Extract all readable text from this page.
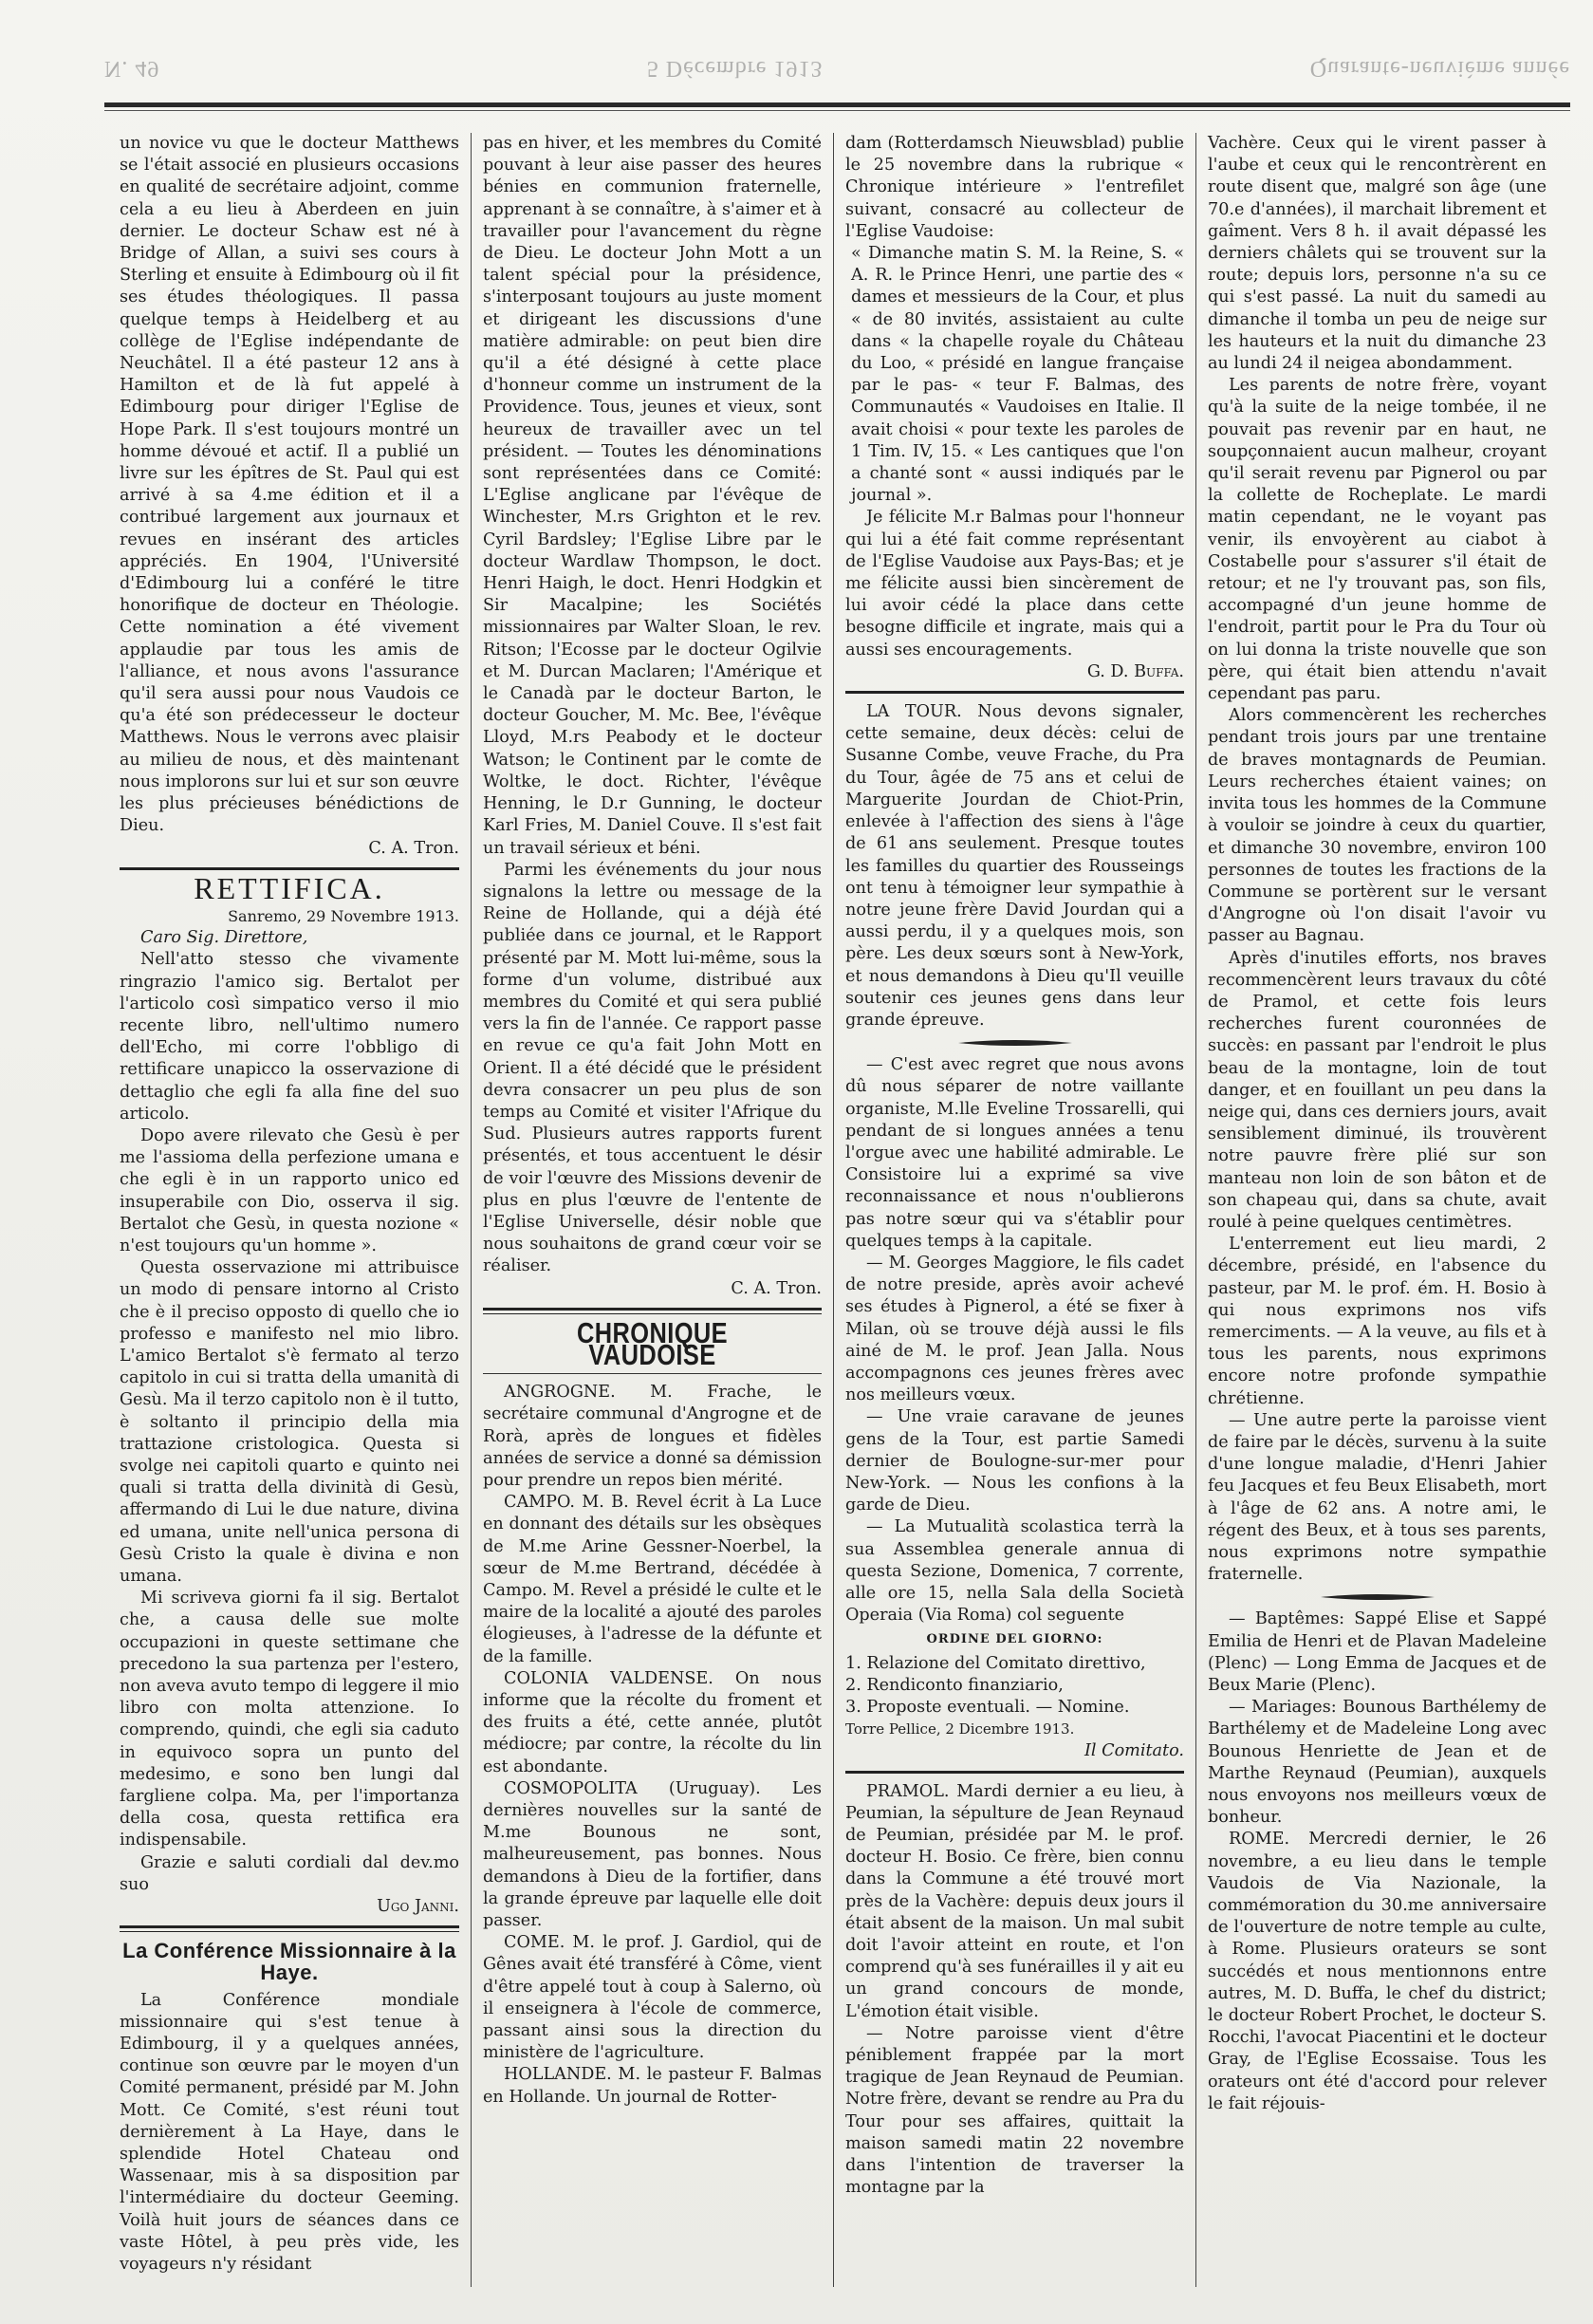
N. 49	5 Décembre 1913	Quarante-neuvième année

un novice vu que le docteur Matthews se l'était associé en plusieurs occasions en qualité de secrétaire adjoint, comme cela a eu lieu à Aberdeen en juin dernier. Le docteur Schaw est né à Bridge of Allan, a suivi ses cours à Sterling et ensuite à Edimbourg où il fit ses études théologiques. Il passa quelque temps à Heidelberg et au collège de l'Eglise indépendante de Neuchâtel. Il a été pasteur 12 ans à Hamilton et de là fut appelé à Edimbourg pour diriger l'Eglise de Hope Park. Il s'est toujours montré un homme dévoué et actif. Il a publié un livre sur les épîtres de St. Paul qui est arrivé à sa 4.me édition et il a contribué largement aux journaux et revues en insérant des articles appréciés. En 1904, l'Université d'Edimbourg lui a conféré le titre honorifique de docteur en Théologie. Cette nomination a été vivement applaudie par tous les amis de l'alliance, et nous avons l'assurance qu'il sera aussi pour nous Vaudois ce qu'a été son prédecesseur le docteur Matthews. Nous le verrons avec plaisir au milieu de nous, et dès maintenant nous implorons sur lui et sur son œuvre les plus précieuses bénédictions de Dieu.

C. A. Tron.
RETTIFICA.
Sanremo, 29 Novembre 1913.

Caro Sig. Direttore,

Nell'atto stesso che vivamente ringrazio l'amico sig. Bertalot per l'articolo così simpatico verso il mio recente libro, nell'ultimo numero dell'Echo, mi corre l'obbligo di rettificare unapicco la osservazione di dettaglio che egli fa alla fine del suo articolo.

Dopo avere rilevato che Gesù è per me l'assioma della perfezione umana e che egli è in un rapporto unico ed insuperabile con Dio, osserva il sig. Bertalot che Gesù, in questa nozione « n'est toujours qu'un homme ».

Questa osservazione mi attribuisce un modo di pensare intorno al Cristo che è il preciso opposto di quello che io professo e manifesto nel mio libro. L'amico Bertalot s'è fermato al terzo capitolo in cui si tratta della umanità di Gesù. Ma il terzo capitolo non è il tutto, è soltanto il principio della mia trattazione cristologica. Questa si svolge nei capitoli quarto e quinto nei quali si tratta della divinità di Gesù, affermando di Lui le due nature, divina ed umana, unite nell'unica persona di Gesù Cristo la quale è divina e non umana.

Mi scriveva giorni fa il sig. Bertalot che, a causa delle sue molte occupazioni in queste settimane che precedono la sua partenza per l'estero, non aveva avuto tempo di leggere il mio libro con molta attenzione. Io comprendo, quindi, che egli sia caduto in equivoco sopra un punto del medesimo, e sono ben lungi dal fargliene colpa. Ma, per l'importanza della cosa, questa rettifica era indispensabile.

Grazie e saluti cordiali dal dev.mo suo

Ugo Janni.
La Conférence Missionnaire à la Haye.

La Conférence mondiale missionnaire qui s'est tenue à Edimbourg, il y a quelques années, continue son œuvre par le moyen d'un Comité permanent, présidé par M. John Mott. Ce Comité, s'est réuni tout dernièrement à La Haye, dans le splendide Hotel Chateau ond Wassenaar, mis à sa disposition par l'intermédiaire du docteur Geeming. Voilà huit jours de séances dans ce vaste Hôtel, à peu près vide, les voyageurs n'y résidant

pas en hiver, et les membres du Comité pouvant à leur aise passer des heures bénies en communion fraternelle, apprenant à se connaître, à s'aimer et à travailler pour l'avancement du règne de Dieu. Le docteur John Mott a un talent spécial pour la présidence, s'interposant toujours au juste moment et dirigeant les discussions d'une matière admirable: on peut bien dire qu'il a été désigné à cette place d'honneur comme un instrument de la Providence. Tous, jeunes et vieux, sont heureux de travailler avec un tel président. — Toutes les dénominations sont représentées dans ce Comité: L'Eglise anglicane par l'évêque de Winchester, M.rs Grighton et le rev. Cyril Bardsley; l'Eglise Libre par le docteur Wardlaw Thompson, le doct. Henri Haigh, le doct. Henri Hodgkin et Sir Macalpine; les Sociétés missionnaires par Walter Sloan, le rev. Ritson; l'Ecosse par le docteur Ogilvie et M. Durcan Maclaren; l'Amérique et le Canadà par le docteur Barton, le docteur Goucher, M. Mc. Bee, l'évêque Lloyd, M.rs Peabody et le docteur Watson; le Continent par le comte de Woltke, le doct. Richter, l'évêque Henning, le D.r Gunning, le docteur Karl Fries, M. Daniel Couve. Il s'est fait un travail sérieux et béni.

Parmi les événements du jour nous signalons la lettre ou message de la Reine de Hollande, qui a déjà été publiée dans ce journal, et le Rapport présenté par M. Mott lui-même, sous la forme d'un volume, distribué aux membres du Comité et qui sera publié vers la fin de l'année. Ce rapport passe en revue ce qu'a fait John Mott en Orient. Il a été décidé que le président devra consacrer un peu plus de son temps au Comité et visiter l'Afrique du Sud. Plusieurs autres rapports furent présentés, et tous accentuent le désir de voir l'œuvre des Missions devenir de plus en plus l'œuvre de l'entente de l'Eglise Universelle, désir noble que nous souhaitons de grand cœur voir se réaliser.

C. A. Tron.
CHRONIQUE VAUDOISE

ANGROGNE. M. Frache, le secrétaire communal d'Angrogne et de Rorà, après de longues et fidèles années de service a donné sa démission pour prendre un repos bien mérité.

CAMPO. M. B. Revel écrit à La Luce en donnant des détails sur les obsèques de M.me Arine Gessner-Noerbel, la sœur de M.me Bertrand, décédée à Campo. M. Revel a présidé le culte et le maire de la localité a ajouté des paroles élogieuses, à l'adresse de la défunte et de la famille.

COLONIA VALDENSE. On nous informe que la récolte du froment et des fruits a été, cette année, plutôt médiocre; par contre, la récolte du lin est abondante.

COSMOPOLITA (Uruguay). Les dernières nouvelles sur la santé de M.me Bounous ne sont, malheureusement, pas bonnes. Nous demandons à Dieu de la fortifier, dans la grande épreuve par laquelle elle doit passer.

COME. M. le prof. J. Gardiol, qui de Gênes avait été transféré à Côme, vient d'être appelé tout à coup à Salerno, où il enseignera à l'école de commerce, passant ainsi sous la direction du ministère de l'agriculture.

HOLLANDE. M. le pasteur F. Balmas en Hollande. Un journal de Rotter-

dam (Rotterdamsch Nieuwsblad) publie le 25 novembre dans la rubrique « Chronique intérieure » l'entrefilet suivant, consacré au collecteur de l'Eglise Vaudoise:

« Dimanche matin S. M. la Reine, S. « A. R. le Prince Henri, une partie des « dames et messieurs de la Cour, et plus « de 80 invités, assistaient au culte dans « la chapelle royale du Château du Loo, « présidé en langue française par le pas- « teur F. Balmas, des Communautés « Vaudoises en Italie. Il avait choisi « pour texte les paroles de 1 Tim. IV, 15. « Les cantiques que l'on a chanté sont « aussi indiqués par le journal ».

Je félicite M.r Balmas pour l'honneur qui lui a été fait comme représentant de l'Eglise Vaudoise aux Pays-Bas; et je me félicite aussi bien sincèrement de lui avoir cédé la place dans cette besogne difficile et ingrate, mais qui a aussi ses encouragements.

G. D. Buffa.

LA TOUR. Nous devons signaler, cette semaine, deux décès: celui de Susanne Combe, veuve Frache, du Pra du Tour, âgée de 75 ans et celui de Marguerite Jourdan de Chiot-Prin, enlevée à l'affection des siens à l'âge de 61 ans seulement. Presque toutes les familles du quartier des Rousseings ont tenu à témoigner leur sympathie à notre jeune frère David Jourdan qui a aussi perdu, il y a quelques mois, son père. Les deux sœurs sont à New-York, et nous demandons à Dieu qu'Il veuille soutenir ces jeunes gens dans leur grande épreuve.

— C'est avec regret que nous avons dû nous séparer de notre vaillante organiste, M.lle Eveline Trossarelli, qui pendant de si longues années a tenu l'orgue avec une habilité admirable. Le Consistoire lui a exprimé sa vive reconnaissance et nous n'oublierons pas notre sœur qui va s'établir pour quelques temps à la capitale.

— M. Georges Maggiore, le fils cadet de notre preside, après avoir achevé ses études à Pignerol, a été se fixer à Milan, où se trouve déjà aussi le fils ainé de M. le prof. Jean Jalla. Nous accompagnons ces jeunes frères avec nos meilleurs vœux.

— Une vraie caravane de jeunes gens de la Tour, est partie Samedi dernier de Boulogne-sur-mer pour New-York. — Nous les confions à la garde de Dieu.

— La Mutualità scolastica terrà la sua Assemblea generale annua di questa Sezione, Domenica, 7 corrente, alle ore 15, nella Sala della Società Operaia (Via Roma) col seguente

ORDINE DEL GIORNO:

1. Relazione del Comitato direttivo,

2. Rendiconto finanziario,

3. Proposte eventuali. — Nomine.

Torre Pellice, 2 Dicembre 1913.

Il Comitato.

PRAMOL. Mardi dernier a eu lieu, à Peumian, la sépulture de Jean Reynaud de Peumian, présidée par M. le prof. docteur H. Bosio. Ce frère, bien connu dans la Commune a été trouvé mort près de la Vachère: depuis deux jours il était absent de la maison. Un mal subit doit l'avoir atteint en route, et l'on comprend qu'à ses funérailles il y ait eu un grand concours de monde, L'émotion était visible.

— Notre paroisse vient d'être péniblement frappée par la mort tragique de Jean Reynaud de Peumian. Notre frère, devant se rendre au Pra du Tour pour ses affaires, quittait la maison samedi matin 22 novembre dans l'intention de traverser la montagne par la

Vachère. Ceux qui le virent passer à l'aube et ceux qui le rencontrèrent en route disent que, malgré son âge (une 70.e d'années), il marchait librement et gaîment. Vers 8 h. il avait dépassé les derniers châlets qui se trouvent sur la route; depuis lors, personne n'a su ce qui s'est passé. La nuit du samedi au dimanche il tomba un peu de neige sur les hauteurs et la nuit du dimanche 23 au lundi 24 il neigea abondamment.

Les parents de notre frère, voyant qu'à la suite de la neige tombée, il ne pouvait pas revenir par en haut, ne soupçonnaient aucun malheur, croyant qu'il serait revenu par Pignerol ou par la collette de Rocheplate. Le mardi matin cependant, ne le voyant pas venir, ils envoyèrent au ciabot à Costabelle pour s'assurer s'il était de retour; et ne l'y trouvant pas, son fils, accompagné d'un jeune homme de l'endroit, partit pour le Pra du Tour où on lui donna la triste nouvelle que son père, qui était bien attendu n'avait cependant pas paru.

Alors commencèrent les recherches pendant trois jours par une trentaine de braves montagnards de Peumian. Leurs recherches étaient vaines; on invita tous les hommes de la Commune à vouloir se joindre à ceux du quartier, et dimanche 30 novembre, environ 100 personnes de toutes les fractions de la Commune se portèrent sur le versant d'Angrogne où l'on disait l'avoir vu passer au Bagnau.

Après d'inutiles efforts, nos braves recommencèrent leurs travaux du côté de Pramol, et cette fois leurs recherches furent couronnées de succès: en passant par l'endroit le plus beau de la montagne, loin de tout danger, et en fouillant un peu dans la neige qui, dans ces derniers jours, avait sensiblement diminué, ils trouvèrent notre pauvre frère plié sur son manteau non loin de son bâton et de son chapeau qui, dans sa chute, avait roulé à peine quelques centimètres.

L'enterrement eut lieu mardi, 2 décembre, présidé, en l'absence du pasteur, par M. le prof. ém. H. Bosio à qui nous exprimons nos vifs remerciments. — A la veuve, au fils et à tous les parents, nous exprimons encore notre profonde sympathie chrétienne.

— Une autre perte la paroisse vient de faire par le décès, survenu à la suite d'une longue maladie, d'Henri Jahier feu Jacques et feu Beux Elisabeth, mort à l'âge de 62 ans. A notre ami, le régent des Beux, et à tous ses parents, nous exprimons notre sympathie fraternelle.

— Baptêmes: Sappé Elise et Sappé Emilia de Henri et de Plavan Madeleine (Plenc) — Long Emma de Jacques et de Beux Marie (Plenc).

— Mariages: Bounous Barthélemy de Barthélemy et de Madeleine Long avec Bounous Henriette de Jean et de Marthe Reynaud (Peumian), auxquels nous envoyons nos meilleurs vœux de bonheur.

ROME. Mercredi dernier, le 26 novembre, a eu lieu dans le temple Vaudois de Via Nazionale, la commémoration du 30.me anniversaire de l'ouverture de notre temple au culte, à Rome. Plusieurs orateurs se sont succédés et nous mentionnons entre autres, M. D. Buffa, le chef du district; le docteur Robert Prochet, le docteur S. Rocchi, l'avocat Piacentini et le docteur Gray, de l'Eglise Ecossaise. Tous les orateurs ont été d'accord pour relever le fait réjouis-
